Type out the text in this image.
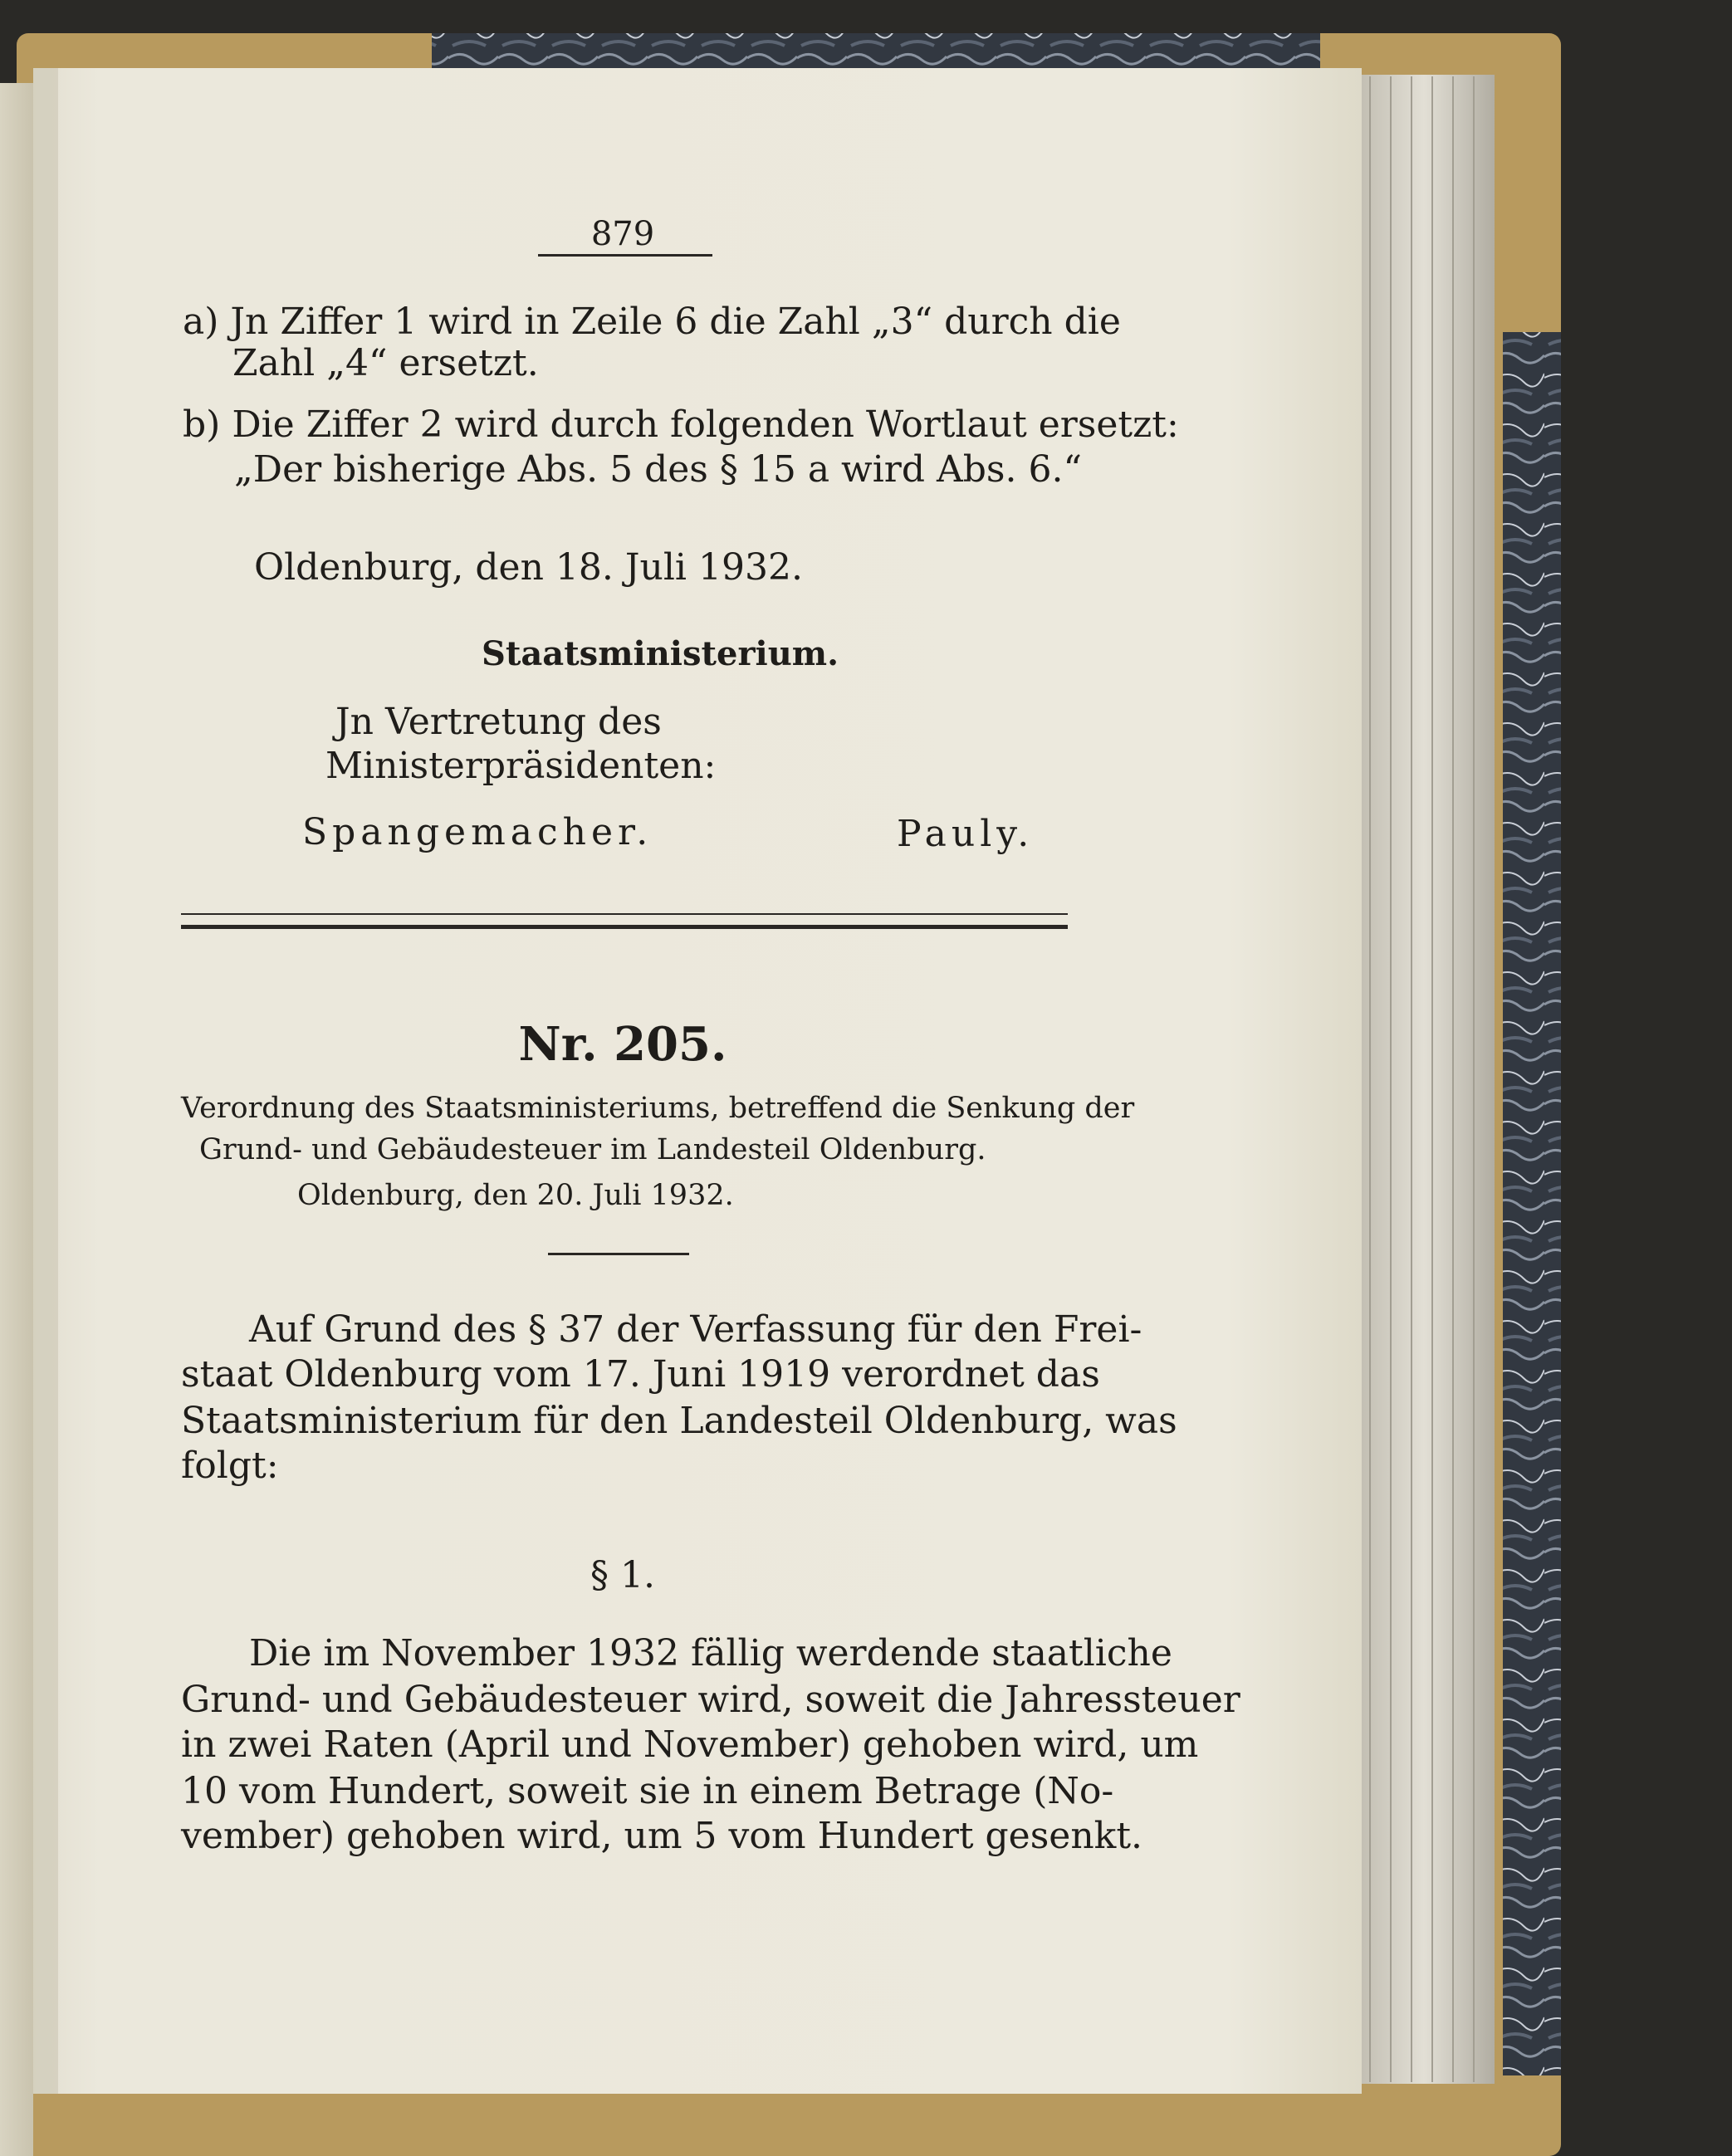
879

a) Jn Ziffer 1 wird in Zeile 6 die Zahl „3“ durch die

Zahl „4“ ersetzt.

b) Die Ziffer 2 wird durch folgenden Wortlaut ersetzt:

„Der bisherige Abs. 5 des § 15 a wird Abs. 6.“

Oldenburg, den 18. Juli 1932.

Staatsministerium.

Jn Vertretung des

Ministerpräsidenten:

Spangemacher.	Pauly.

Nr. 205.

Verordnung des Staatsministeriums, betreffend die Senkung der

Grund- und Gebäudesteuer im Landesteil Oldenburg.

Oldenburg, den 20. Juli 1932.

Auf Grund des § 37 der Verfassung für den Frei-

staat Oldenburg vom 17. Juni 1919 verordnet das

Staatsministerium für den Landesteil Oldenburg, was

folgt:

§ 1.

Die im November 1932 fällig werdende staatliche

Grund- und Gebäudesteuer wird, soweit die Jahressteuer

in zwei Raten (April und November) gehoben wird, um

10 vom Hundert, soweit sie in einem Betrage (No-

vember) gehoben wird, um 5 vom Hundert gesenkt.
